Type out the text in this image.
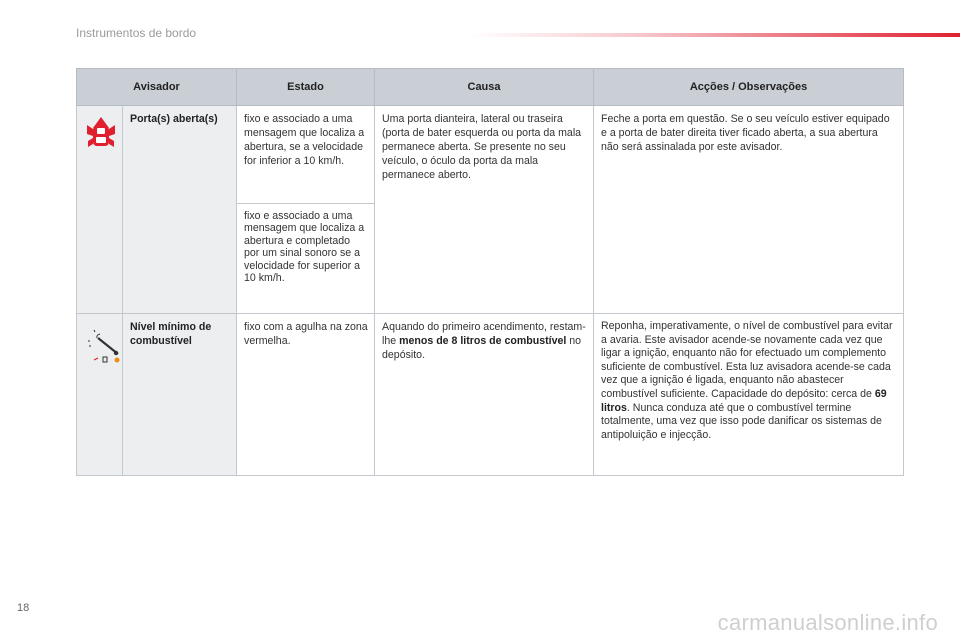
Instrumentos de bordo
Avisador		Estado	Causa	Acções / Observações
	Porta(s) aberta(s)	fixo e associado a uma mensagem que localiza a abertura, se a velocidade for inferior a 10 km/h.	Uma porta dianteira, lateral ou traseira (porta de bater esquerda ou porta da mala permanece aberta. Se presente no seu veículo, o óculo da porta da mala permanece aberto.	Feche a porta em questão. Se o seu veículo estiver equipado e a porta de bater direita tiver ficado aberta, a sua abertura não será assinalada por este avisador.
		fixo e associado a uma mensagem que localiza a abertura e completado por um sinal sonoro se a velocidade for superior a 10 km/h.		
	Nível mínimo de combustível	fixo com a agulha na zona vermelha.	Aquando do primeiro acendimento, restam-lhe menos de 8 litros de combustível no depósito.	Reponha, imperativamente, o nível de combustível para evitar a avaria. Este avisador acende-se novamente cada vez que ligar a ignição, enquanto não for efectuado um complemento suficiente de combustível. Esta luz avisadora acende-se cada vez que a ignição é ligada, enquanto não abastecer combustível suficiente. Capacidade do depósito: cerca de 69 litros. Nunca conduza até que o combustível termine totalmente, uma vez que isso pode danificar os sistemas de antipoluição e injecção.
18
carmanualsonline.info
